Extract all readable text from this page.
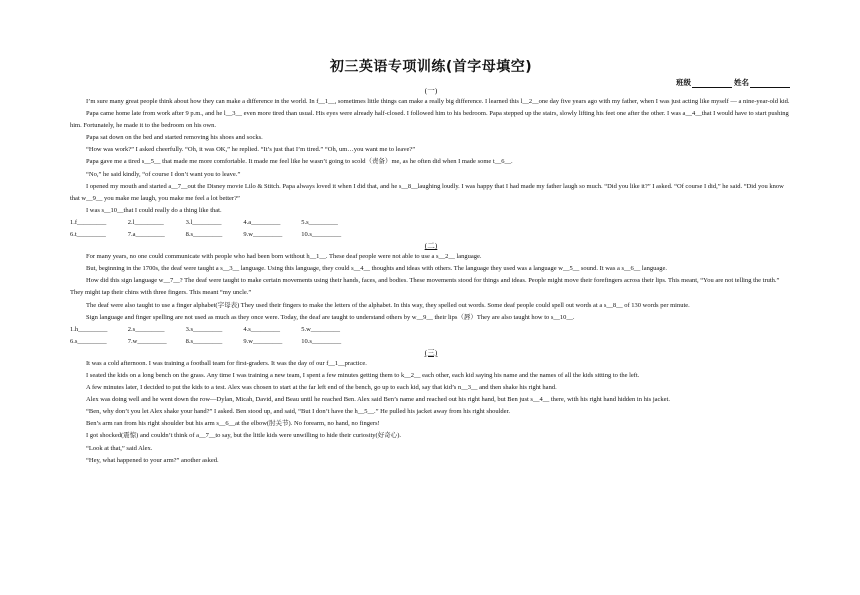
初三英语专项训练(首字母填空)
班级	姓名
(一)

I’m sure many great people think about how they can make a difference in the world. In f__1__, sometimes little things can make a really big difference. I learned this l__2__one day five years ago with my father, when I was just acting like myself — a nine-year-old kid.

Papa came home late from work after 9 p.m., and he l__3__ even more tired than usual. His eyes were already half-closed. I followed him to his bedroom. Papa stepped up the stairs, slowly lifting his feet one after the other. I was a__4__that I would have to start pushing him. Fortunately, he made it to the bedroom on his own.

Papa sat down on the bed and started removing his shoes and socks.

“How was work?” I asked cheerfully. “Oh, it was OK,” he replied. “It’s just that I’m tired.” “Oh, um…you want me to leave?”

Papa gave me a tired s__5__ that made me more comfortable. It made me feel like he wasn’t going to scold（责备）me, as he often did when I made some t__6__.

“No,” he said kindly, “of course I don’t want you to leave.”

I opened my mouth and started a__7__out the Disney movie Lilo & Stitch. Papa always loved it when I did that, and he s__8__laughing loudly. I was happy that I had made my father laugh so much. “Did you like it?” I asked. “Of course I did,” he said. “Did you know that w__9__ you make me laugh, you make me feel a lot better?”

I was s__10__that I could really do a thing like that.

1.f_________	2.l_________	3.l_________	4.a_________	5.s_________
6.t_________	7.a_________	8.s_________	9.w_________	10.s_________
(二)

For many years, no one could communicate with people who had been born without h__1__. These deaf people were not able to use a s__2__ language.

But, beginning in the 1700s, the deaf were taught a s__3__ language. Using this language, they could s__4__ thoughts and ideas with others. The language they used was a language w__5__ sound. It was a s__6__ language.

How did this sign language w__7__? The deaf were taught to make certain movements using their hands, faces, and bodies. These movements stood for things and ideas. People might move their forefingers across their lips. This meant, “You are not telling the truth.” They might tap their chins with three fingers. This meant “my uncle.”

The deaf were also taught to use a finger alphabet(字母表) They used their fingers to make the letters of the alphabet. In this way, they spelled out words. Some deaf people could spell out words at a s__8__ of 130 words per minute.

Sign language and finger spelling are not used as much as they once were. Today, the deaf are taught to understand others by w__9__ their lips（唇）They are also taught how to s__10__.

1.h_________	2.s_________	3.s_________	4.s_________	5.w_________
6.s_________	7.w_________	8.s_________	9.w_________	10.s_________
(三)

It was a cold afternoon. I was training a football team for first-graders. It was the day of our f__1__practice.

I seated the kids on a long bench on the grass. Any time I was training a new team, I spent a few minutes getting them to k__2__ each other, each kid saying his name and the names of all the kids sitting to the left.

A few minutes later, I decided to put the kids to a test. Alex was chosen to start at the far left end of the bench, go up to each kid, say that kid’s n__3__ and then shake his right hand.

Alex was doing well and he went down the row—Dylan, Micah, David, and Beau until he reached Ben. Alex said Ben’s name and reached out his right hand, but Ben just s__4__ there, with his right hand hidden in his jacket.

“Ben, why don’t you let Alex shake your hand?” I asked. Ben stood up, and said, “But I don’t have the h__5__.” He pulled his jacket away from his right shoulder.

Ben’s arm ran from his right shoulder but his arm s__6__at the elbow(肘关节). No forearm, no hand, no fingers!

I got shocked(震惊) and couldn’t think of a__7__to say, but the little kids were unwilling to hide their curiosity(好奇心).

“Look at that,” said Alex.

“Hey, what happened to your arm?” another asked.
